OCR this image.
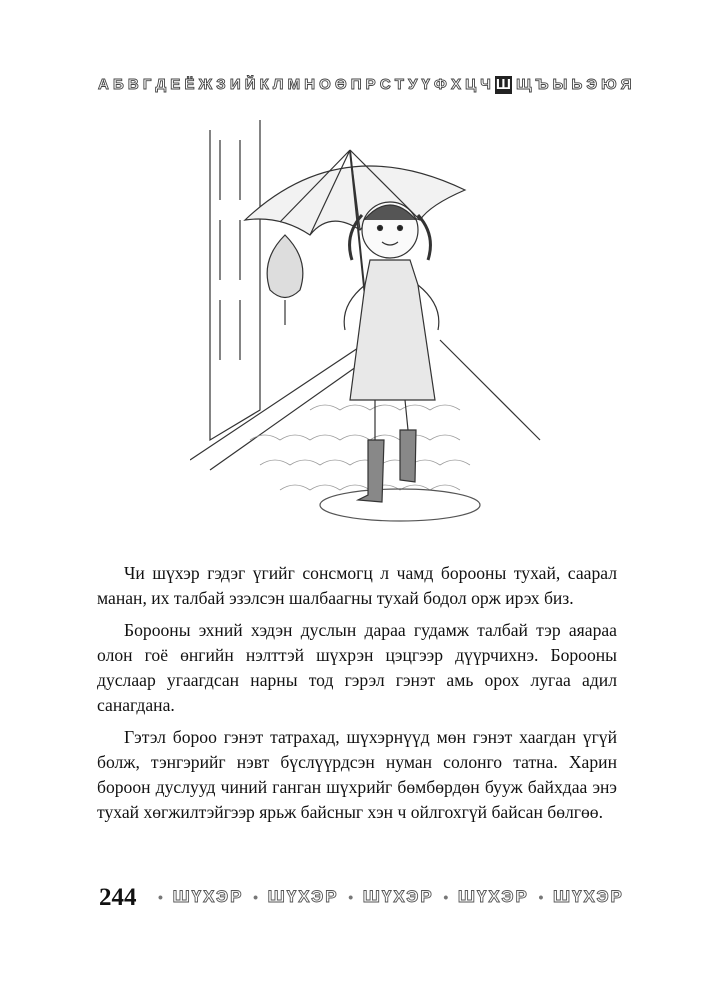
А Б В Г Д Е Ё Ж З И Й К Л М Н О Ө П Р С Т У Ү Ф Х Ц Ч Ш Щ Ъ Ы Ь Э Ю Я

Чи шүхэр гэдэг үгийг сонсмогц л чамд борооны тухай, саарал манан, их талбай эзэлсэн шалбаагны тухай бодол орж ирэх биз.

Борооны эхний хэдэн дуслын дараа гудамж талбай тэр аяараа олон гоё өнгийн нэлттэй шүхрэн цэцгээр дүүрчихнэ. Борооны дуслаар угаагдсан нарны тод гэрэл гэнэт амь орох лугаа адил санагдана.

Гэтэл бороо гэнэт татрахад, шүхэрнүүд мөн гэнэт хаагдан үгүй болж, тэнгэрийг нэвт бүслүүрдсэн нуман солонго татна. Харин бороон дуслууд чиний ганган шүхрийг бөмбөрдөн бууж байхдаа энэ тухай хөгжилтэйгээр ярьж байсныг хэн ч ойлгохгүй байсан бөлгөө.

244 • ШҮХЭР • ШҮХЭР • ШҮХЭР • ШҮХЭР • ШҮХЭР
